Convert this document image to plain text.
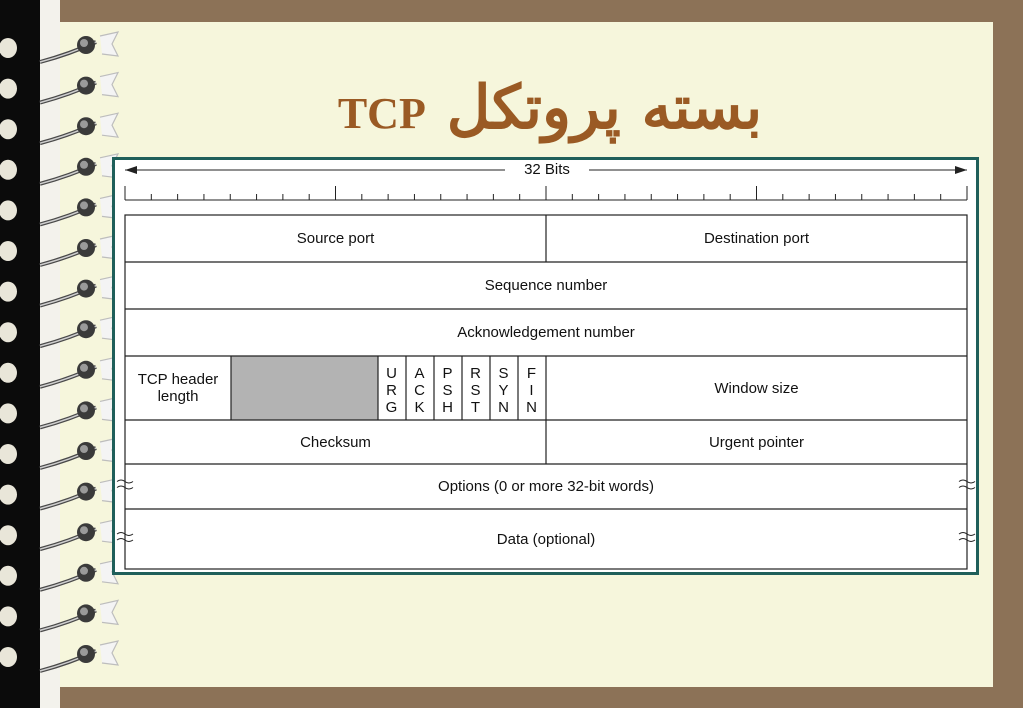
بسته پروتکل TCP
32 Bits
Source port	Destination port
Sequence number
Acknowledgement number
TCP header length
U
R
G
A
C
K
P
S
H
R
S
T
S
Y
N
F
I
N
Window size
Checksum	Urgent pointer
Options (0 or more 32-bit words)
Data (optional)
